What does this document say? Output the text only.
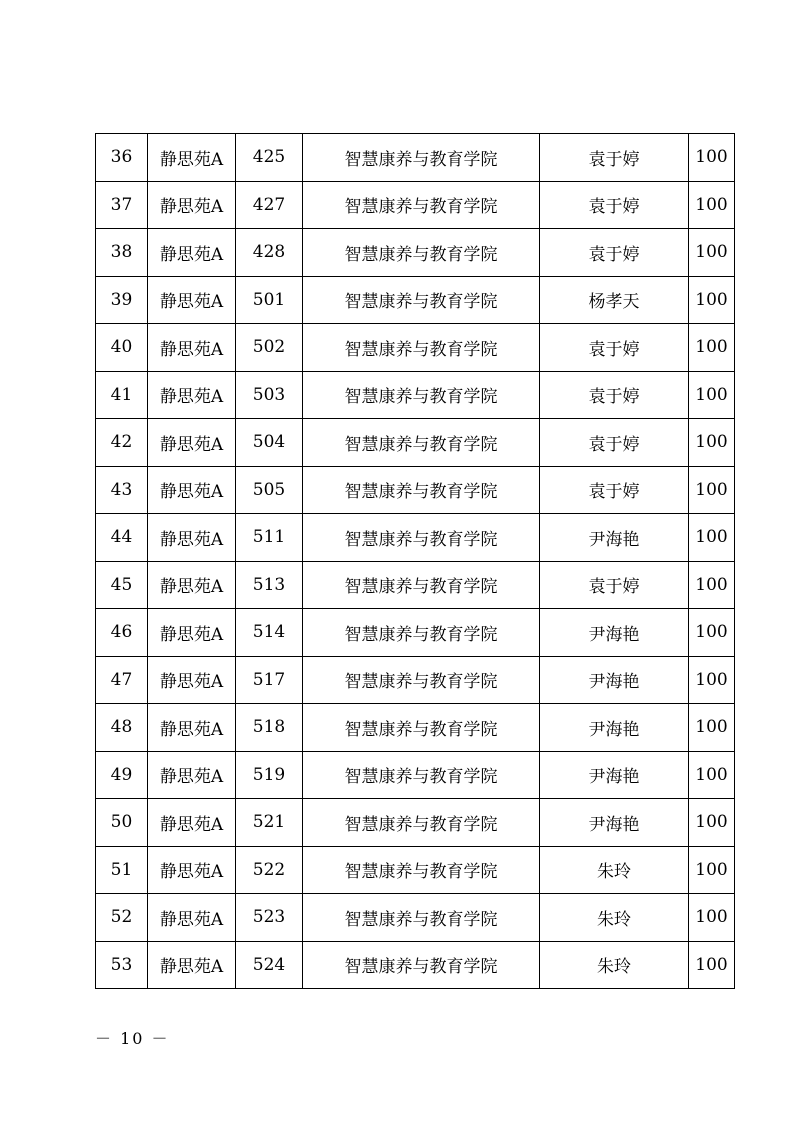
36	静思苑A	425	智慧康养与教育学院	袁于婷	100
37	静思苑A	427	智慧康养与教育学院	袁于婷	100
38	静思苑A	428	智慧康养与教育学院	袁于婷	100
39	静思苑A	501	智慧康养与教育学院	杨孝天	100
40	静思苑A	502	智慧康养与教育学院	袁于婷	100
41	静思苑A	503	智慧康养与教育学院	袁于婷	100
42	静思苑A	504	智慧康养与教育学院	袁于婷	100
43	静思苑A	505	智慧康养与教育学院	袁于婷	100
44	静思苑A	511	智慧康养与教育学院	尹海艳	100
45	静思苑A	513	智慧康养与教育学院	袁于婷	100
46	静思苑A	514	智慧康养与教育学院	尹海艳	100
47	静思苑A	517	智慧康养与教育学院	尹海艳	100
48	静思苑A	518	智慧康养与教育学院	尹海艳	100
49	静思苑A	519	智慧康养与教育学院	尹海艳	100
50	静思苑A	521	智慧康养与教育学院	尹海艳	100
51	静思苑A	522	智慧康养与教育学院	朱玲	100
52	静思苑A	523	智慧康养与教育学院	朱玲	100
53	静思苑A	524	智慧康养与教育学院	朱玲	100
－ 10 －
